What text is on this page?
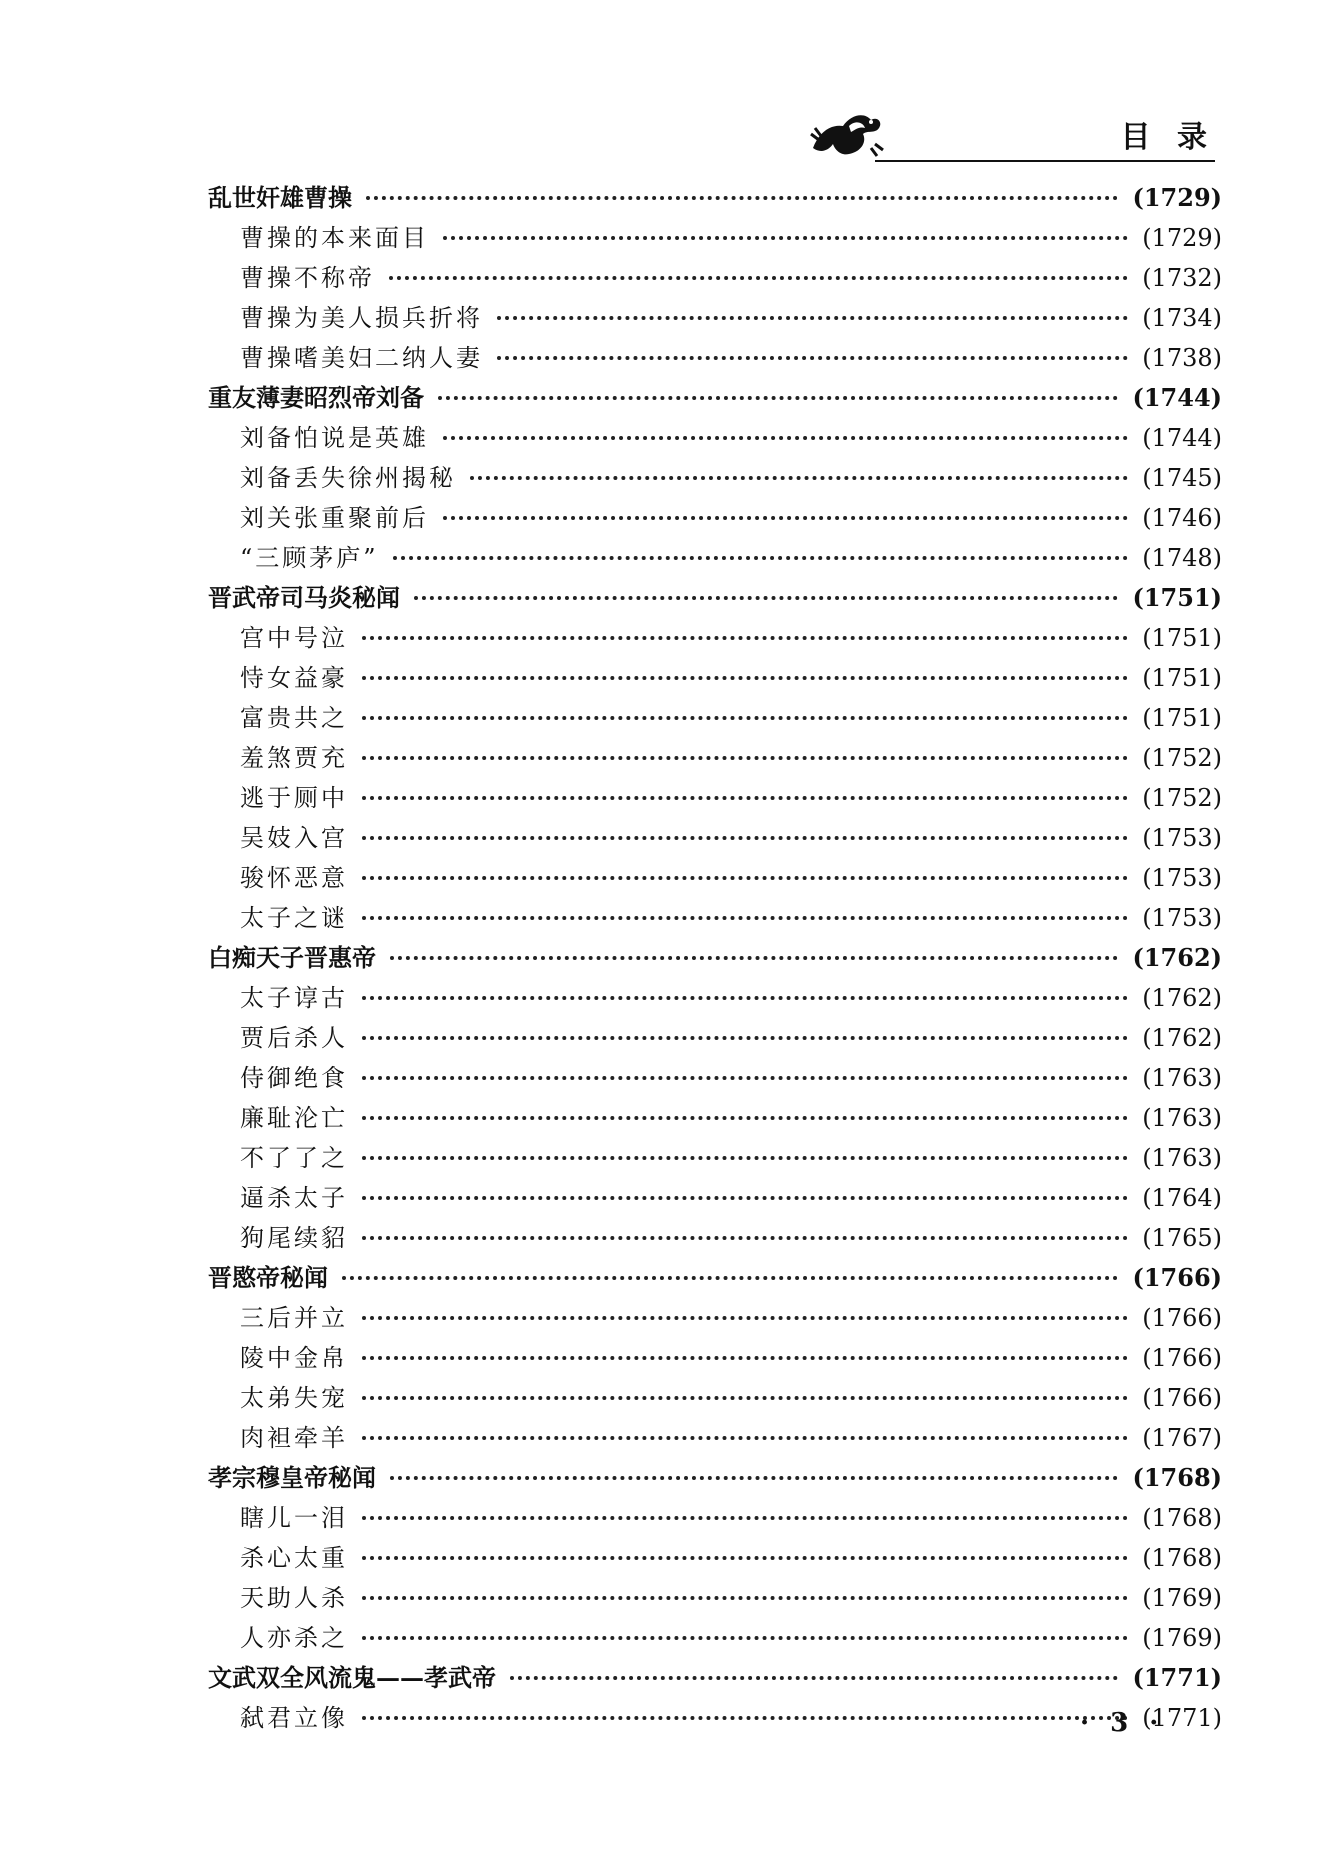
目 录
乱世奸雄曹操	(1729)
曹操的本来面目	(1729)
曹操不称帝	(1732)
曹操为美人损兵折将	(1734)
曹操嗜美妇二纳人妻	(1738)
重友薄妻昭烈帝刘备	(1744)
刘备怕说是英雄	(1744)
刘备丢失徐州揭秘	(1745)
刘关张重聚前后	(1746)
“三顾茅庐”	(1748)
晋武帝司马炎秘闻	(1751)
宫中号泣	(1751)
恃女益豪	(1751)
富贵共之	(1751)
羞煞贾充	(1752)
逃于厕中	(1752)
吴妓入宫	(1753)
骏怀恶意	(1753)
太子之谜	(1753)
白痴天子晋惠帝	(1762)
太子谆古	(1762)
贾后杀人	(1762)
侍御绝食	(1763)
廉耻沦亡	(1763)
不了了之	(1763)
逼杀太子	(1764)
狗尾续貂	(1765)
晋愍帝秘闻	(1766)
三后并立	(1766)
陵中金帛	(1766)
太弟失宠	(1766)
肉袒牵羊	(1767)
孝宗穆皇帝秘闻	(1768)
瞎儿一泪	(1768)
杀心太重	(1768)
天助人杀	(1769)
人亦杀之	(1769)
文武双全风流鬼——孝武帝	(1771)
弑君立像	(1771)
· 3 ·
